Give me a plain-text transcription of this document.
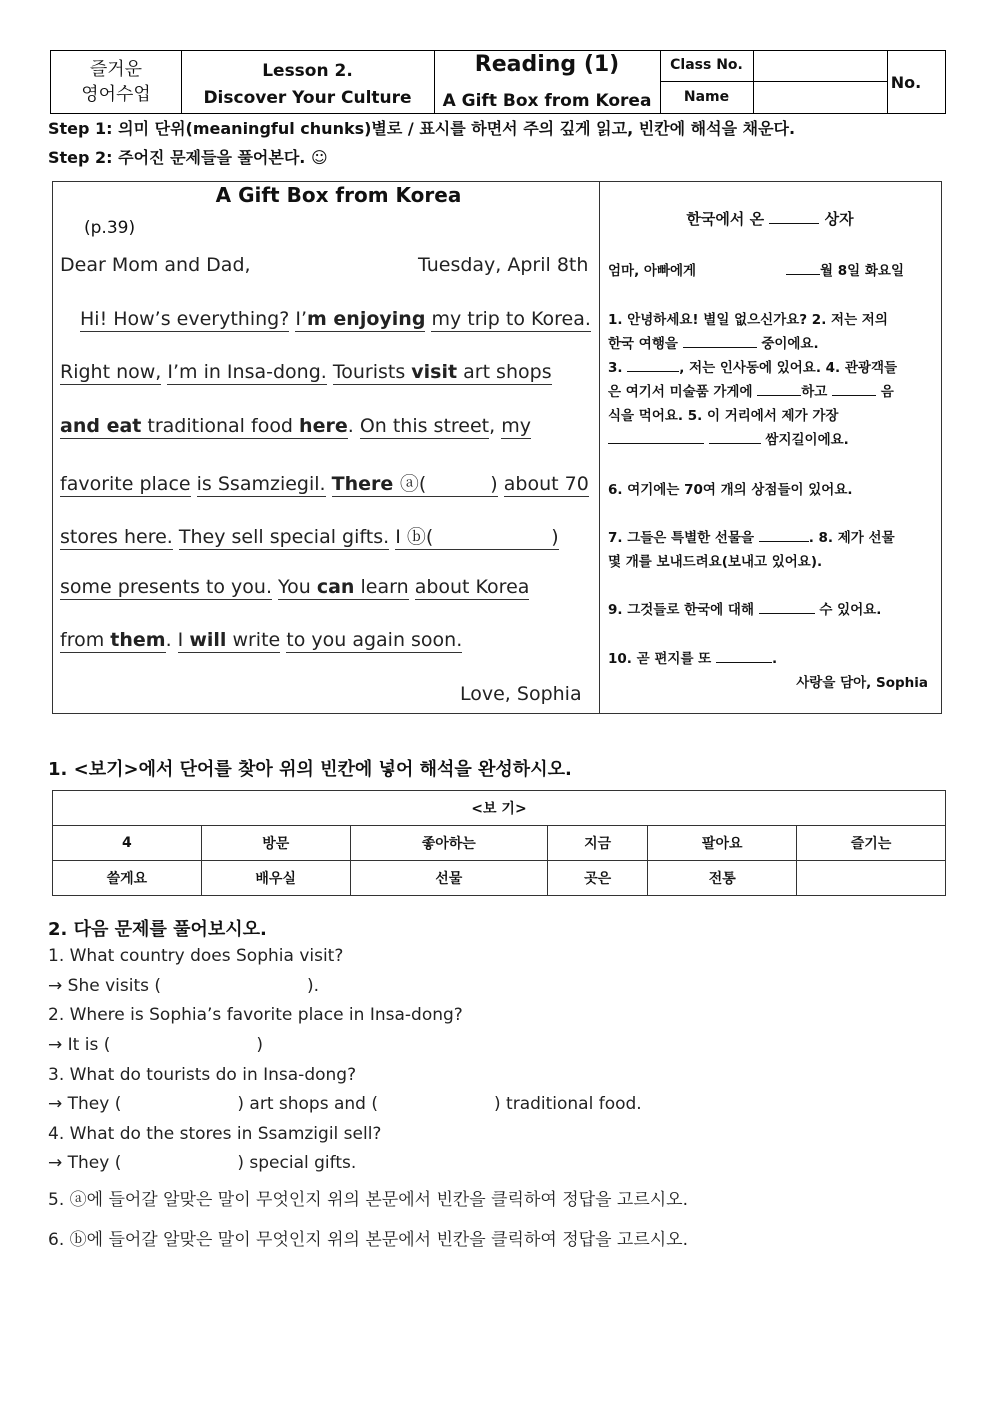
즐거운
영어수업
Lesson 2.
Discover Your Culture
Reading (1)
A Gift Box from Korea
Class No.
Name
No.
Step 1: 의미 단위(meaningful chunks)별로 / 표시를 하면서 주의 깊게 읽고, 빈칸에 해석을 채운다.
Step 2: 주어진 문제들을 풀어본다. ☺
A Gift Box from Korea
(p.39)
Dear Mom and Dad,	Tuesday, April 8th
Hi! How’s everything? I’m enjoying my trip to Korea.
Right now, I’m in Insa-dong. Tourists visit art shops
and eat traditional food here. On this street, my
favorite place is Ssamziegil. There ⓐ(	) about 70
stores here. They sell special gifts. I ⓑ(	)
some presents to you. You can learn about Korea
from them. I will write to you again soon.
Love, Sophia
한국에서 온	상자
엄마, 아빠에게	월 8일 화요일
1. 안녕하세요! 별일 없으신가요? 2. 저는 저의
한국 여행을	중이에요.
3.	, 저는 인사동에 있어요. 4. 관광객들
은 여기서 미술품 가게에	하고	음
식을 먹어요. 5. 이 거리에서 제가 가장
쌈지길이에요.
6. 여기에는 70여 개의 상점들이 있어요.
7. 그들은 특별한 선물을	. 8. 제가 선물
몇 개를 보내드려요(보내고 있어요).
9. 그것들로 한국에 대해	수 있어요.
10. 곧 편지를 또	.
사랑을 담아, Sophia
1. <보기>에서 단어를 찾아 위의 빈칸에 넣어 해석을 완성하시오.
<보 기>					
4	방문	좋아하는	지금	팔아요	즐기는
쓸게요	배우실	선물	곳은	전통	
2. 다음 문제를 풀어보시오.
1. What country does Sophia visit?
→ She visits (	).
2. Where is Sophia’s favorite place in Insa-dong?
→ It is (	)
3. What do tourists do in Insa-dong?
→ They (	) art shops and (	) traditional food.
4. What do the stores in Ssamzigil sell?
→ They (	) special gifts.
5. ⓐ에 들어갈 알맞은 말이 무엇인지 위의 본문에서 빈칸을 클릭하여 정답을 고르시오.
6. ⓑ에 들어갈 알맞은 말이 무엇인지 위의 본문에서 빈칸을 클릭하여 정답을 고르시오.
